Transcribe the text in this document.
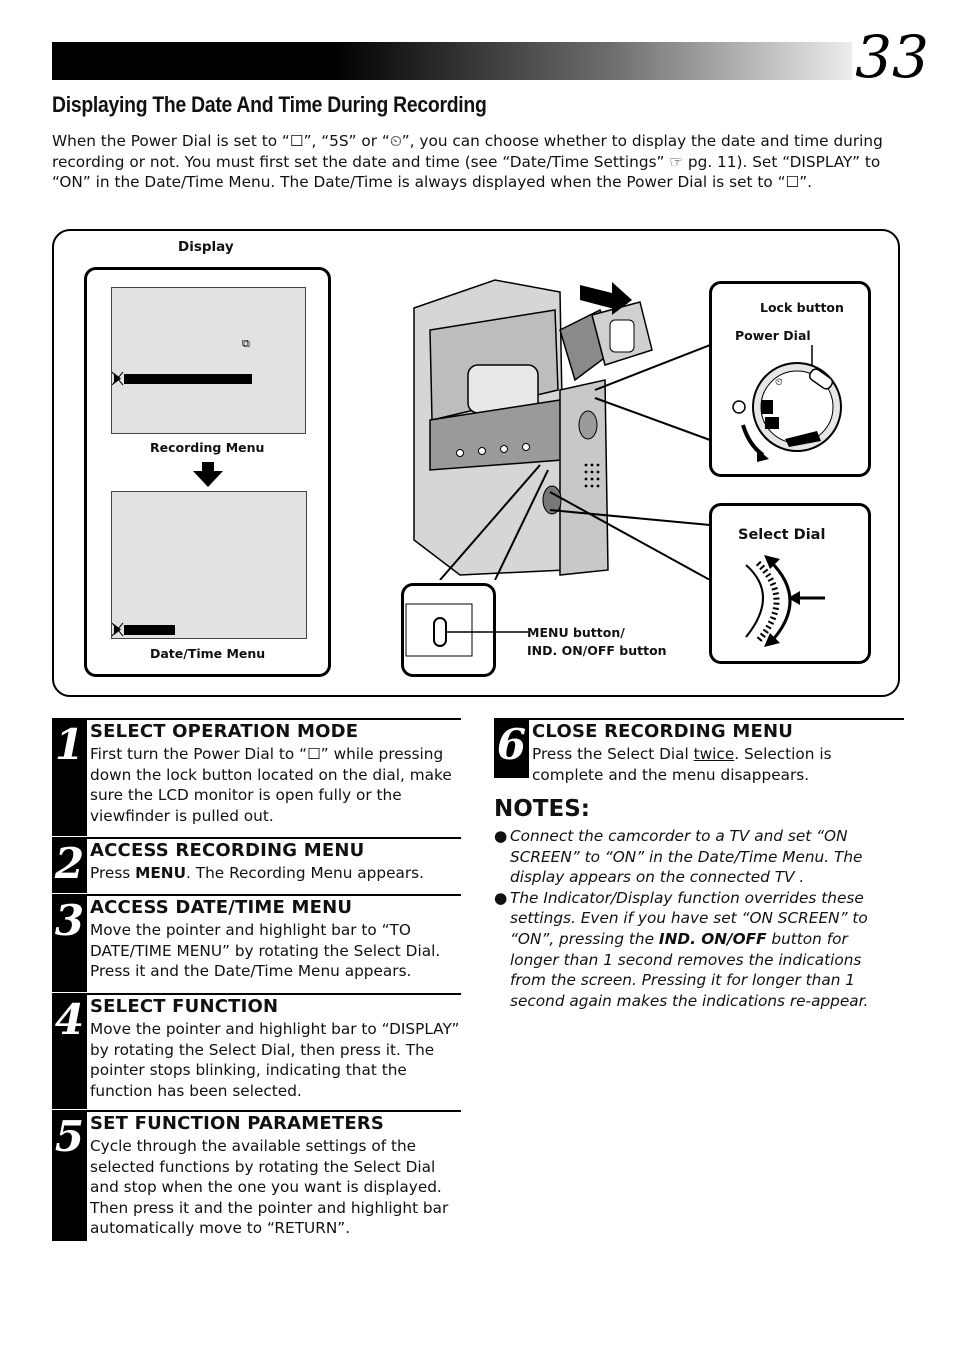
33
Displaying The Date And Time During Recording

When the Power Dial is set to “☐”, “5S” or “⏲”, you can choose whether to display the date and time during recording or not. You must first set the date and time (see “Date/Time Settings” ☞ pg. 11). Set “DISPLAY” to “ON” in the Date/Time Menu. The Date/Time is always displayed when the Power Dial is set to “☐”.

Display
⧉
Recording Menu
Date/Time Menu
Lock button
Power Dial
⏲
Select Dial
MENU button/
IND. ON/OFF button
1 SELECT OPERATION MODE

First turn the Power Dial to “☐” while pressing down the lock button located on the dial, make sure the LCD monitor is open fully or the viewfinder is pulled out.

2 ACCESS RECORDING MENU

Press MENU. The Recording Menu appears.

3 ACCESS DATE/TIME MENU

Move the pointer and highlight bar to “TO DATE/TIME MENU” by rotating the Select Dial. Press it and the Date/Time Menu appears.

4 SELECT FUNCTION

Move the pointer and highlight bar to “DISPLAY” by rotating the Select Dial, then press it. The pointer stops blinking, indicating that the function has been selected.

5 SET FUNCTION PARAMETERS

Cycle through the available settings of the selected functions by rotating the Select Dial and stop when the one you want is displayed. Then press it and the pointer and highlight bar automatically move to “RETURN”.

6 CLOSE RECORDING MENU

Press the Select Dial twice. Selection is complete and the menu disappears.

NOTES:
● Connect the camcorder to a TV and set “ON SCREEN” to “ON” in the Date/Time Menu. The display appears on the connected TV .
● The Indicator/Display function overrides these settings. Even if you have set “ON SCREEN” to “ON”, pressing the IND. ON/OFF button for longer than 1 second removes the indications from the screen. Pressing it for longer than 1 second again makes the indications re-appear.
